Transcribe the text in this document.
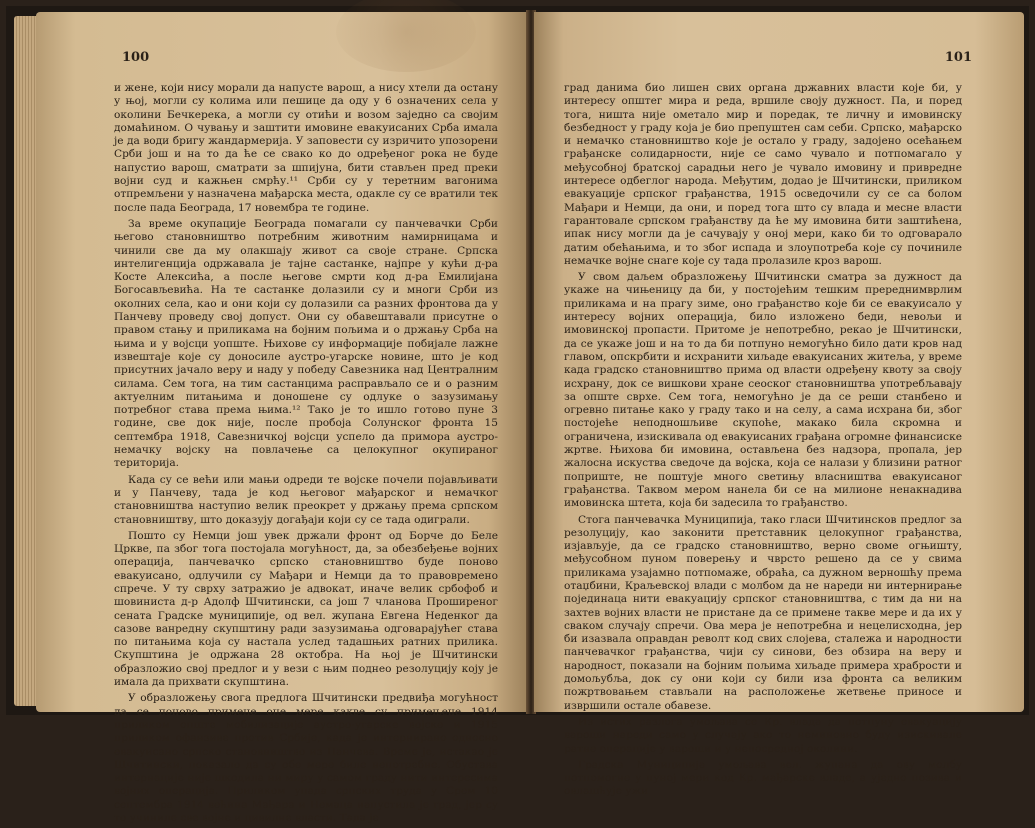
100

и жене, који нису морали да напусте варош, а нису хтели да остану у њој, могли су колима или пешице да оду у 6 означених села у околини Бечкерека, а могли су отићи и возом заједно са својим домаћином. О чувању и заштити имовине евакуисаних Срба имала је да води бригу жандармерија. У заповести су изричито упозорени Срби још и на то да ће се свако ко до одређеног рока не буде напустио варош, сматрати за шпијуна, бити стављен пред преки војни суд и кажњен смрћу.¹¹ Срби су у теретним вагонима отпремљени у назначена мађарска места, одакле су се вратили тек после пада Београда, 17 новембра те године.

За време окупације Београда помагали су панчевачки Срби његово становништво потребним животним намирницама и чинили све да му олакшају живот са своје стране. Српска интелигенција одржавала је тајне састанке, најпре у кући д-ра Косте Алексића, а после његове смрти код д-ра Емилијана Богосављевића. На те састанке долазили су и многи Срби из околних села, као и они који су долазили са разних фронтова да у Панчеву проведу свој допуст. Они су обавештавали присутне о правом стању и приликама на бојним пољима и о држању Срба на њима и у војсци уопште. Њихове су информације побијале лажне извештаје које су доносиле аустро-угарске новине, што је код присутних јачало веру и наду у победу Савезника над Централним силама. Сем тога, на тим састанцима расправљало се и о разним актуелним питањима и доношене су одлуке о зазузимању потребног става према њима.¹² Тако је то ишло готово пуне 3 године, све док није, после пробоја Солунског фронта 15 септембра 1918, Савезничкој војсци успело да примора аустро-немачку војску на повлачење са целокупног окупираног територија.

Када су се већи или мањи одреди те војске почели појављивати и у Панчеву, тада је код његовог мађарског и немачког становништва наступио велик преокрет у држању према српском становништву, што доказују догађаји који су се тада одиграли.

Пошто су Немци још увек држали фронт од Борче до Беле Цркве, па због тога постојала могућност, да, за обезбеђење војних операција, панчевачко српско становништво буде поново евакуисано, одлучили су Мађари и Немци да то правовремено спрече. У ту сврху затражио је адвокат, иначе велик србофоб и шовиниста д-р Адолф Шчитински, са још 7 чланова Проширеног сената Градске муниципије, од вел. жупана Евгена Неденког да сазове ванредну скупштину ради зазузимања одговарајућег става по питањима која су настала услед тадашњих ратних прилика. Скупштина је одржана 28 октобра. На њој је Шчитински образложио свој предлог и у вези с њим поднео резолуцију коју је имала да прихвати скупштина.

У образложењу свога предлога Шчитински предвиђа могућност да се поново примене оне мере какве су примењене 1914 приликом опште мобилизације аустро-угарске војске и 1915 приликом офанзиве против Србије, када је интернирано односно евакуисано српско становништво из Панчева. Време је, истакао је Шчитински, показало да су обе мере биле непотребне. Обустава интернације није шкодила ни миру у самом граду нити интересима војних операција. Приликом упада српских труда у Срем 10 септембра 1914 већина Мађара и Немаца напустила је град, јер су то учиниле све војне и цивилне власти. Тада је

101

град данима био лишен свих органа државних власти које би, у интересу општег мира и реда, вршиле своју дужност. Па, и поред тога, ништа није ометало мир и поредак, те личну и имовинску безбедност у граду која је био препуштен сам себи. Српско, мађарско и немачко становништво које је остало у граду, задојено осећањем грађанске солидарности, није се само чувало и потпомагало у међусобној братској сарадњи него је чувало имовину и привредне интересе одбеглог народа. Међутим, додао је Шчитински, приликом евакуације српског грађанства, 1915 осведочили су се са болом Мађари и Немци, да они, и поред тога што су влада и месне власти гарантовале српском грађанству да ће му имовина бити заштићена, ипак нису могли да је сачувају у оној мери, како би то одговарало датим обећањима, и то због испада и злоупотреба које су починиле немачке војне снаге које су тада пролазиле кроз варош.

У свом даљем образложењу Шчитински сматра за дужност да укаже на чињеницу да би, у постојећим тешким пререднимврлим приликама и на прагу зиме, оно грађанство које би се евакуисало у интересу војних операција, било изложено беди, невољи и имовинској пропасти. Притоме је непотребно, рекао је Шчитински, да се укаже још и на то да би потпуно немогућно било дати кров над главом, опскрбити и исхранити хиљаде евакуисаних житеља, у време када градско становништво прима од власти одређену квоту за своју исхрану, док се вишкови хране сеоског становништва употребљавају за опште сврхе. Сем тога, немогућно је да се реши станбено и огревно питање како у граду тако и на селу, а сама исхрана би, због постојеће неподношљиве скупоће, макако била скромна и ограничена, изискивала од евакуисаних грађана огромне финансиске жртве. Њихова би имовина, остављена без надзора, пропала, јер жалосна искуства сведоче да војска, која се налази у близини ратног поприште, не поштује много светињу власништва евакуисаног грађанства. Таквом мером нанела би се на милионе ненакнадива имовинска штета, која би задесила то грађанство.

Стога панчевачка Муниципија, тако гласи Шчитинсков предлог за резолуцију, као законити претставник целокупног грађанства, изјављује, да се градско становништво, верно своме огњишту, међусобном пуном поверењу и чврсто решено да се у свима приликама узајамно потпомаже, обраћа, са дужном верношћу према отаџбини, Краљевској влади с молбом да не нареди ни интернирање појединаца нити евакуацију српског становништва, с тим да ни на захтев војних власти не пристане да се примене такве мере и да их у сваком случају спречи. Ова мера је непотребна и нецелисходна, јер би изазвала оправдан револт код свих слојева, сталежа и народности панчевачког грађанства, чији су синови, без обзира на веру и народност, показали на бојним пољима хиљаде примера храбрости и домољубља, док су они који су били иза фронта са великим пожртвовањем стављали на расположење жетвење приносе и извршили остале обавезе.

Из истих разлога умољава се Кр. влада да потпуну евакуацију вароши нареди само у случају ако то неминовно буду изискивале ратне операције у вароши и у непосредној околини.

Градска Муниципија умољава вел. жупана да ову молбу потпомогне у пуној мери код Кр. мађарске владе, а уједно позива и овлашћује ужи
